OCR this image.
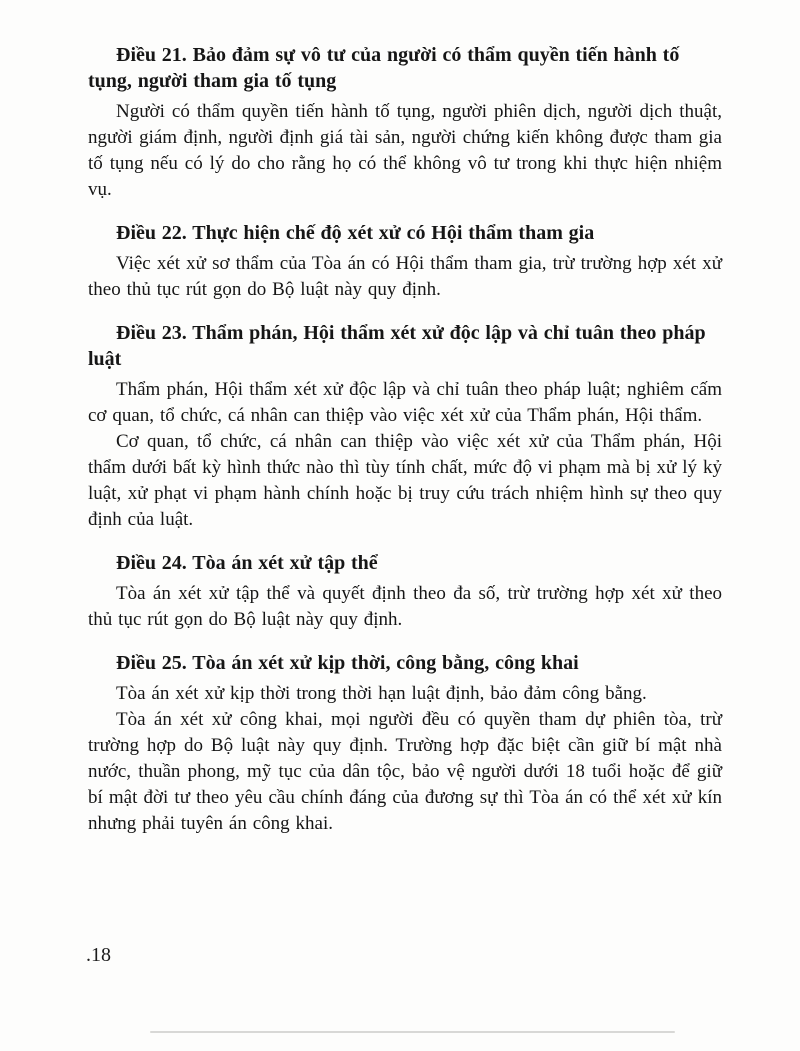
Điều 21. Bảo đảm sự vô tư của người có thẩm quyền tiến hành tố tụng, người tham gia tố tụng

Người có thẩm quyền tiến hành tố tụng, người phiên dịch, người dịch thuật, người giám định, người định giá tài sản, người chứng kiến không được tham gia tố tụng nếu có lý do cho rằng họ có thể không vô tư trong khi thực hiện nhiệm vụ.

Điều 22. Thực hiện chế độ xét xử có Hội thẩm tham gia

Việc xét xử sơ thẩm của Tòa án có Hội thẩm tham gia, trừ trường hợp xét xử theo thủ tục rút gọn do Bộ luật này quy định.

Điều 23. Thẩm phán, Hội thẩm xét xử độc lập và chỉ tuân theo pháp luật

Thẩm phán, Hội thẩm xét xử độc lập và chỉ tuân theo pháp luật; nghiêm cấm cơ quan, tổ chức, cá nhân can thiệp vào việc xét xử của Thẩm phán, Hội thẩm.

Cơ quan, tổ chức, cá nhân can thiệp vào việc xét xử của Thẩm phán, Hội thẩm dưới bất kỳ hình thức nào thì tùy tính chất, mức độ vi phạm mà bị xử lý kỷ luật, xử phạt vi phạm hành chính hoặc bị truy cứu trách nhiệm hình sự theo quy định của luật.

Điều 24. Tòa án xét xử tập thể

Tòa án xét xử tập thể và quyết định theo đa số, trừ trường hợp xét xử theo thủ tục rút gọn do Bộ luật này quy định.

Điều 25. Tòa án xét xử kịp thời, công bằng, công khai

Tòa án xét xử kịp thời trong thời hạn luật định, bảo đảm công bằng.

Tòa án xét xử công khai, mọi người đều có quyền tham dự phiên tòa, trừ trường hợp do Bộ luật này quy định. Trường hợp đặc biệt cần giữ bí mật nhà nước, thuần phong, mỹ tục của dân tộc, bảo vệ người dưới 18 tuổi hoặc để giữ bí mật đời tư theo yêu cầu chính đáng của đương sự thì Tòa án có thể xét xử kín nhưng phải tuyên án công khai.

.18
